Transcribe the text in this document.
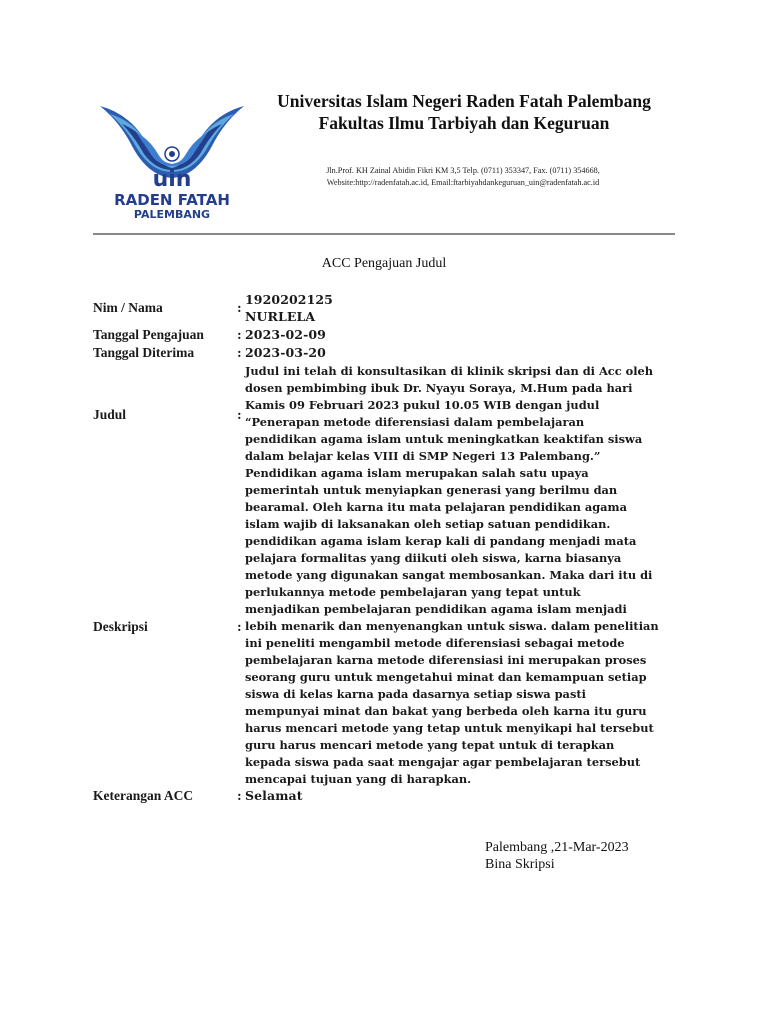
uin
RADEN FATAH
PALEMBANG
Universitas Islam Negeri Raden Fatah Palembang
Fakultas Ilmu Tarbiyah dan Keguruan
Jln.Prof. KH Zainal Abidin Fikri KM 3,5 Telp. (0711) 353347, Fax. (0711) 354668,
Website:http://radenfatah.ac.id, Email:ftarbiyahdankeguruan_uin@radenfatah.ac.id
ACC Pengajuan Judul
Nim / Nama	:
1920202125
NURLELA
Tanggal Pengajuan	: 2023-02-09
Tanggal Diterima	: 2023-03-20
Judul	:
Judul ini telah di konsultasikan di klinik skripsi dan di Acc oleh
dosen pembimbing ibuk Dr. Nyayu Soraya, M.Hum pada hari
Kamis 09 Februari 2023 pukul 10.05 WIB dengan judul
“Penerapan metode diferensiasi dalam pembelajaran
pendidikan agama islam untuk meningkatkan keaktifan siswa
dalam belajar kelas VIII di SMP Negeri 13 Palembang.”
Deskripsi	:
Pendidikan agama islam merupakan salah satu upaya
pemerintah untuk menyiapkan generasi yang berilmu dan
bearamal. Oleh karna itu mata pelajaran pendidikan agama
islam wajib di laksanakan oleh setiap satuan pendidikan.
pendidikan agama islam kerap kali di pandang menjadi mata
pelajara formalitas yang diikuti oleh siswa, karna biasanya
metode yang digunakan sangat membosankan. Maka dari itu di
perlukannya metode pembelajaran yang tepat untuk
menjadikan pembelajaran pendidikan agama islam menjadi
lebih menarik dan menyenangkan untuk siswa. dalam penelitian
ini peneliti mengambil metode diferensiasi sebagai metode
pembelajaran karna metode diferensiasi ini merupakan proses
seorang guru untuk mengetahui minat dan kemampuan setiap
siswa di kelas karna pada dasarnya setiap siswa pasti
mempunyai minat dan bakat yang berbeda oleh karna itu guru
harus mencari metode yang tetap untuk menyikapi hal tersebut
guru harus mencari metode yang tepat untuk di terapkan
kepada siswa pada saat mengajar agar pembelajaran tersebut
mencapai tujuan yang di harapkan.
Keterangan ACC	: Selamat
Palembang ,21-Mar-2023
Bina Skripsi
